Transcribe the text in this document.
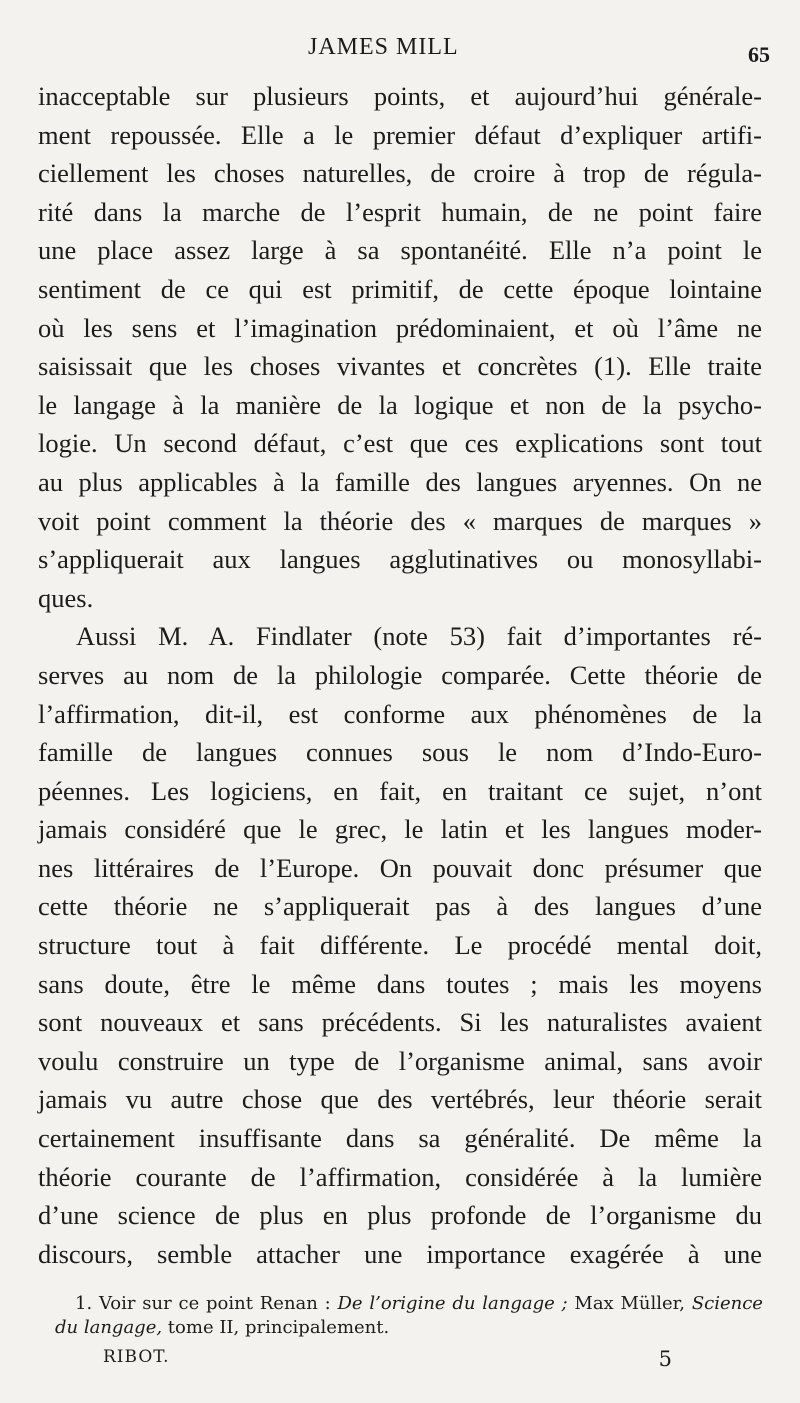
JAMES MILL	65
inacceptable sur plusieurs points, et aujourd’hui générale-
ment repoussée. Elle a le premier défaut d’expliquer artifi-
ciellement les choses naturelles, de croire à trop de régula-
rité dans la marche de l’esprit humain, de ne point faire
une place assez large à sa spontanéité. Elle n’a point le
sentiment de ce qui est primitif, de cette époque lointaine
où les sens et l’imagination prédominaient, et où l’âme ne
saisissait que les choses vivantes et concrètes (1). Elle traite
le langage à la manière de la logique et non de la psycho-
logie. Un second défaut, c’est que ces explications sont tout
au plus applicables à la famille des langues aryennes. On ne
voit point comment la théorie des « marques de marques »
s’appliquerait aux langues agglutinatives ou monosyllabi-
ques.
Aussi M. A. Findlater (note 53) fait d’importantes ré-
serves au nom de la philologie comparée. Cette théorie de
l’affirmation, dit-il, est conforme aux phénomènes de la
famille de langues connues sous le nom d’Indo-Euro-
péennes. Les logiciens, en fait, en traitant ce sujet, n’ont
jamais considéré que le grec, le latin et les langues moder-
nes littéraires de l’Europe. On pouvait donc présumer que
cette théorie ne s’appliquerait pas à des langues d’une
structure tout à fait différente. Le procédé mental doit,
sans doute, être le même dans toutes ; mais les moyens
sont nouveaux et sans précédents. Si les naturalistes avaient
voulu construire un type de l’organisme animal, sans avoir
jamais vu autre chose que des vertébrés, leur théorie serait
certainement insuffisante dans sa généralité. De même la
théorie courante de l’affirmation, considérée à la lumière
d’une science de plus en plus profonde de l’organisme du
discours, semble attacher une importance exagérée à une
1. Voir sur ce point Renan : De l’origine du langage ; Max Müller, Science
du langage, tome II, principalement.
RIBOT.	5
